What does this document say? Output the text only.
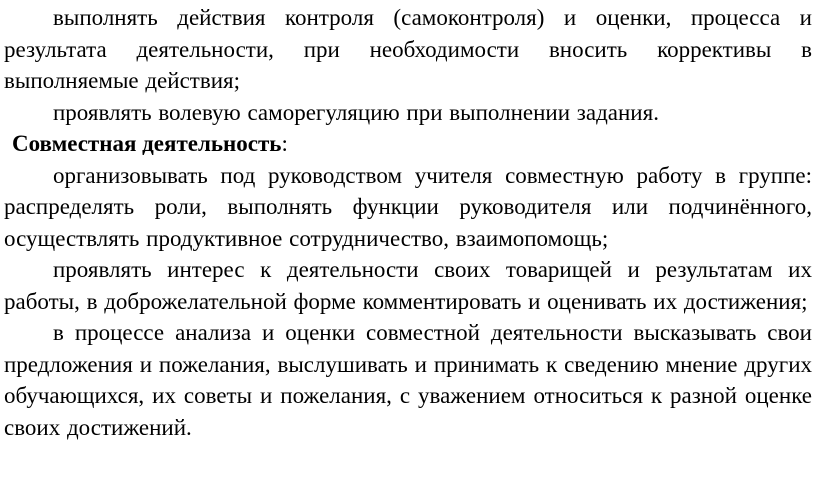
выполнять действия контроля (самоконтроля) и оценки, процесса и результата деятельности, при необходимости вносить коррективы в выполняемые действия;

проявлять волевую саморегуляцию при выполнении задания.

Совместная деятельность:

организовывать под руководством учителя совместную работу в группе: распределять роли, выполнять функции руководителя или подчинённого, осуществлять продуктивное сотрудничество, взаимопомощь;

проявлять интерес к деятельности своих товарищей и результатам их работы, в доброжелательной форме комментировать и оценивать их достижения;

в процессе анализа и оценки совместной деятельности высказывать свои предложения и пожелания, выслушивать и принимать к сведению мнение других обучающихся, их советы и пожелания, с уважением относиться к разной оценке своих достижений.
